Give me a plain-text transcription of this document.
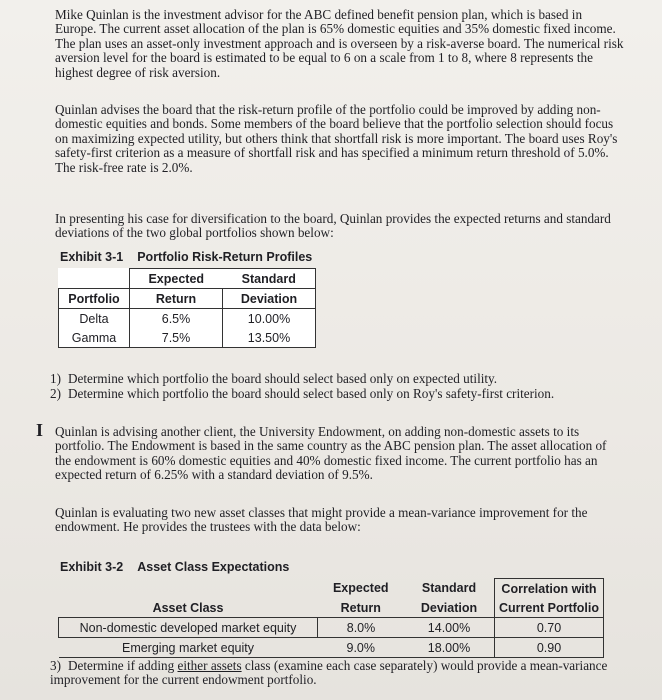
Mike Quinlan is the investment advisor for the ABC defined benefit pension plan, which is based in Europe. The current asset allocation of the plan is 65% domestic equities and 35% domestic fixed income. The plan uses an asset-only investment approach and is overseen by a risk-averse board. The numerical risk aversion level for the board is estimated to be equal to 6 on a scale from 1 to 8, where 8 represents the highest degree of risk aversion.

Quinlan advises the board that the risk-return profile of the portfolio could be improved by adding non-domestic equities and bonds. Some members of the board believe that the portfolio selection should focus on maximizing expected utility, but others think that shortfall risk is more important. The board uses Roy's safety-first criterion as a measure of shortfall risk and has specified a minimum return threshold of 5.0%. The risk-free rate is 2.0%.

In presenting his case for diversification to the board, Quinlan provides the expected returns and standard deviations of the two global portfolios shown below:

Exhibit 3-1 Portfolio Risk-Return Profiles
	Expected	Standard
Portfolio	Return	Deviation
Delta	6.5%	10.00%
Gamma	7.5%	13.50%

1) Determine which portfolio the board should select based only on expected utility.

2) Determine which portfolio the board should select based only on Roy's safety-first criterion.

I Quinlan is advising another client, the University Endowment, on adding non-domestic assets to its portfolio. The Endowment is based in the same country as the ABC pension plan. The asset allocation of the endowment is 60% domestic equities and 40% domestic fixed income. The current portfolio has an expected return of 6.25% with a standard deviation of 9.5%.

Quinlan is evaluating two new asset classes that might provide a mean-variance improvement for the endowment. He provides the trustees with the data below:

Exhibit 3-2 Asset Class Expectations
	Expected	Standard	Correlation with
Asset Class	Return	Deviation	Current Portfolio
Non-domestic developed market equity	8.0%	14.00%	0.70
Emerging market equity	9.0%	18.00%	0.90

3) Determine if adding either assets class (examine each case separately) would provide a mean-variance improvement for the current endowment portfolio.
